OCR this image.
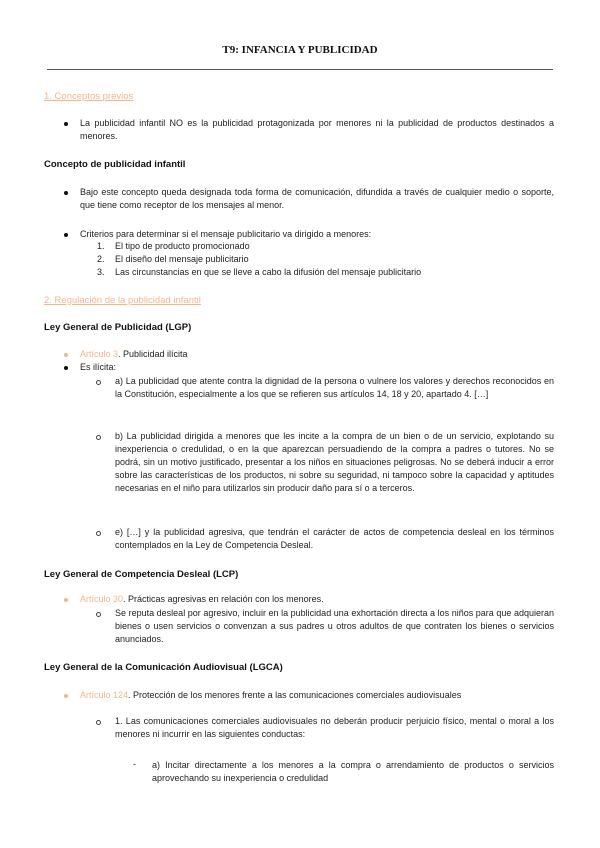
T9: INFANCIA Y PUBLICIDAD
1. Conceptos previos
La publicidad infantil NO es la publicidad protagonizada por menores ni la publicidad de productos destinados a menores.
Concepto de publicidad infantil
Bajo este concepto queda designada toda forma de comunicación, difundida a través de cualquier medio o soporte, que tiene como receptor de los mensajes al menor.
Criterios para determinar si el mensaje publicitario va dirigido a menores:
1. El tipo de producto promocionado
2. El diseño del mensaje publicitario
3. Las circunstancias en que se lleve a cabo la difusión del mensaje publicitario
2. Regulación de la publicidad infantil
Ley General de Publicidad (LGP)
Artículo 3. Publicidad ilícita
Es ilícita:
a) La publicidad que atente contra la dignidad de la persona o vulnere los valores y derechos reconocidos en la Constitución, especialmente a los que se refieren sus artículos 14, 18 y 20, apartado 4. […]
b) La publicidad dirigida a menores que les incite a la compra de un bien o de un servicio, explotando su inexperiencia o credulidad, o en la que aparezcan persuadiendo de la compra a padres o tutores. No se podrá, sin un motivo justificado, presentar a los niños en situaciones peligrosas. No se deberá inducir a error sobre las características de los productos, ni sobre su seguridad, ni tampoco sobre la capacidad y aptitudes necesarias en el niño para utilizarlos sin producir daño para sí o a terceros.
e) […] y la publicidad agresiva, que tendrán el carácter de actos de competencia desleal en los términos contemplados en la Ley de Competencia Desleal.
Ley General de Competencia Desleal (LCP)
Artículo 30. Prácticas agresivas en relación con los menores.
Se reputa desleal por agresivo, incluir en la publicidad una exhortación directa a los niños para que adquieran bienes o usen servicios o convenzan a sus padres u otros adultos de que contraten los bienes o servicios anunciados.
Ley General de la Comunicación Audiovisual (LGCA)
Artículo 124. Protección de los menores frente a las comunicaciones comerciales audiovisuales
1. Las comunicaciones comerciales audiovisuales no deberán producir perjuicio físico, mental o moral a los menores ni incurrir en las siguientes conductas:
- a) Incitar directamente a los menores a la compra o arrendamiento de productos o servicios aprovechando su inexperiencia o credulidad
